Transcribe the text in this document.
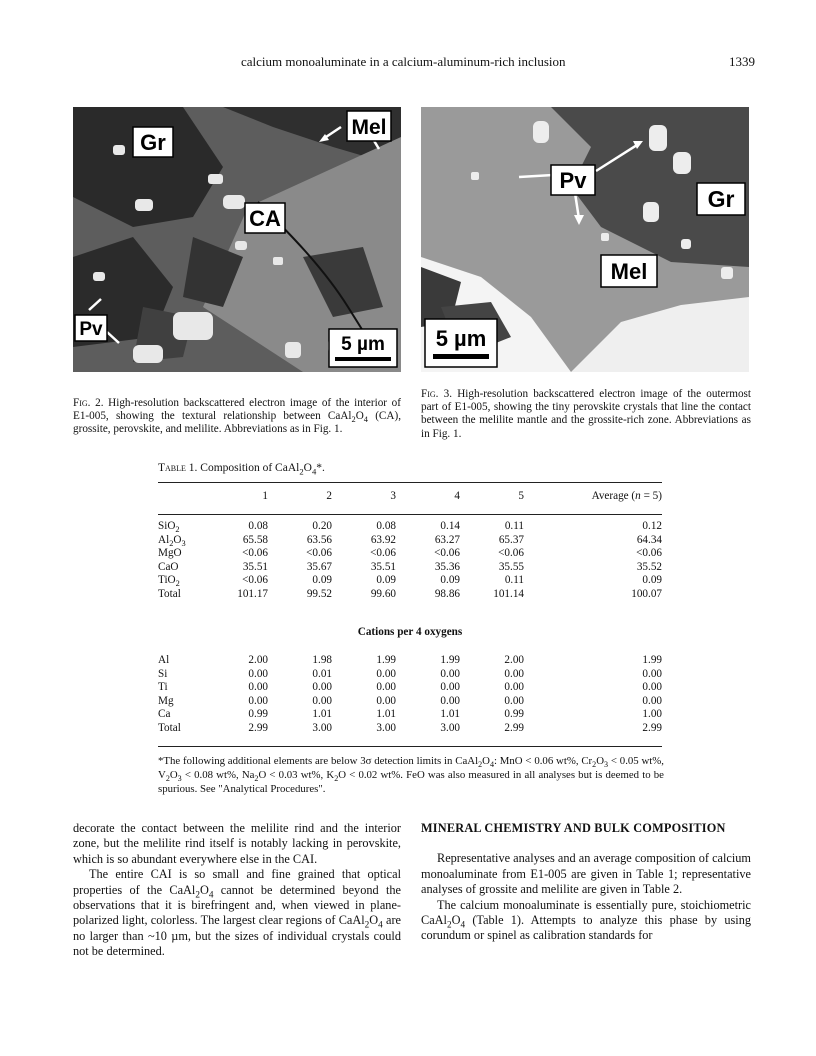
calcium monoaluminate in a calcium-aluminum-rich inclusion	1339
Gr
Mel
CA
Pv
5 µm
Pv
Gr
Mel
5 µm
Fig. 2. High-resolution backscattered electron image of the interior of E1-005, showing the textural relationship between $CaAl_2O_4$ (CA), grossite, perovskite, and melilite. Abbreviations as in Fig. 1.
Fig. 3. High-resolution backscattered electron image of the outermost part of E1-005, showing the tiny perovskite crystals that line the contact between the melilite mantle and the grossite-rich zone. Abbreviations as in Fig. 1.
Table 1. Composition of $CaAl_2O_4*$.
	1	2	3	4	5	Average (n = 5)
SiO$_2$	0.08	0.20	0.08	0.14	0.11	0.12
$Al_2O_3$	65.58	63.56	63.92	63.27	65.37	64.34
MgO	<0.06	<0.06	<0.06	<0.06	<0.06	<0.06
CaO	35.51	35.67	35.51	35.36	35.55	35.52
TiO$_2$	<0.06	0.09	0.09	0.09	0.11	0.09
Total	101.17	99.52	99.60	98.86	101.14	100.07
Cations per 4 oxygens
Al	2.00	1.98	1.99	1.99	2.00	1.99
Si	0.00	0.01	0.00	0.00	0.00	0.00
Ti	0.00	0.00	0.00	0.00	0.00	0.00
Mg	0.00	0.00	0.00	0.00	0.00	0.00
Ca	0.99	1.01	1.01	1.01	0.99	1.00
Total	2.99	3.00	3.00	3.00	2.99	2.99
*The following additional elements are below 3σ detection limits in $CaAl_2O_4$: MnO < 0.06 wt%, $Cr_2O_3 < 0.05$ wt%, $V_2O_3 < 0.08$ wt%, $Na_2O < 0.03$ wt%, $K_2O < 0.02$ wt%. FeO was also measured in all analyses but is deemed to be spurious. See "Analytical Procedures".

decorate the contact between the melilite rind and the interior zone, but the melilite rind itself is notably lacking in perovskite, which is so abundant everywhere else in the CAI.

The entire CAI is so small and fine grained that optical properties of the $CaAl_2O_4$ cannot be determined beyond the observations that it is birefringent and, when viewed in plane-polarized light, colorless. The largest clear regions of $CaAl_2O_4$ are no larger than ~10 µm, but the sizes of individual crystals could not be determined.

MINERAL CHEMISTRY AND BULK COMPOSITION

Representative analyses and an average composition of calcium monoaluminate from E1-005 are given in Table 1; representative analyses of grossite and melilite are given in Table 2.

The calcium monoaluminate is essentially pure, stoichiometric $CaAl_2O_4$ (Table 1). Attempts to analyze this phase by using corundum or spinel as calibration standards for
